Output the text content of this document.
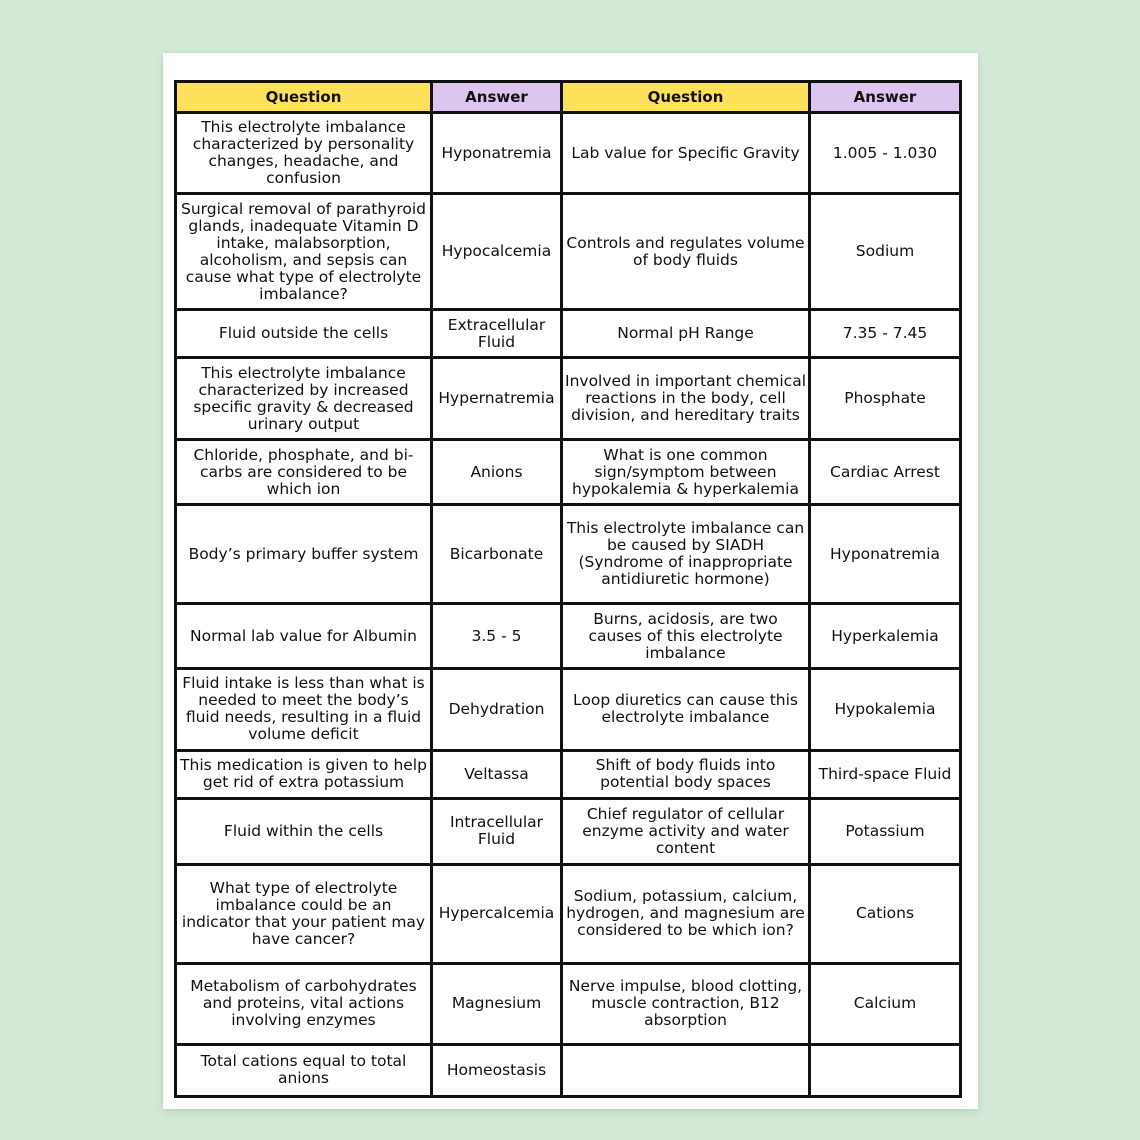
Question	Answer	Question	Answer
This electrolyte imbalance characterized by personality changes, headache, and confusion	Hyponatremia	Lab value for Specific Gravity	1.005 - 1.030
Surgical removal of parathyroid glands, inadequate Vitamin D intake, malabsorption, alcoholism, and sepsis can cause what type of electrolyte imbalance?	Hypocalcemia	Controls and regulates volume of body fluids	Sodium
Fluid outside the cells	Extracellular Fluid	Normal pH Range	7.35 - 7.45
This electrolyte imbalance characterized by increased specific gravity & decreased urinary output	Hypernatremia	Involved in important chemical reactions in the body, cell division, and hereditary traits	Phosphate
Chloride, phosphate, and bi-carbs are considered to be which ion	Anions	What is one common sign/symptom between hypokalemia & hyperkalemia	Cardiac Arrest
Body’s primary buffer system	Bicarbonate	This electrolyte imbalance can be caused by SIADH (Syndrome of inappropriate antidiuretic hormone)	Hyponatremia
Normal lab value for Albumin	3.5 - 5	Burns, acidosis, are two causes of this electrolyte imbalance	Hyperkalemia
Fluid intake is less than what is needed to meet the body’s fluid needs, resulting in a fluid volume deficit	Dehydration	Loop diuretics can cause this electrolyte imbalance	Hypokalemia
This medication is given to help get rid of extra potassium	Veltassa	Shift of body fluids into potential body spaces	Third-space Fluid
Fluid within the cells	Intracellular Fluid	Chief regulator of cellular enzyme activity and water content	Potassium
What type of electrolyte imbalance could be an indicator that your patient may have cancer?	Hypercalcemia	Sodium, potassium, calcium, hydrogen, and magnesium are considered to be which ion?	Cations
Metabolism of carbohydrates and proteins, vital actions involving enzymes	Magnesium	Nerve impulse, blood clotting, muscle contraction, B12 absorption	Calcium
Total cations equal to total anions	Homeostasis		
